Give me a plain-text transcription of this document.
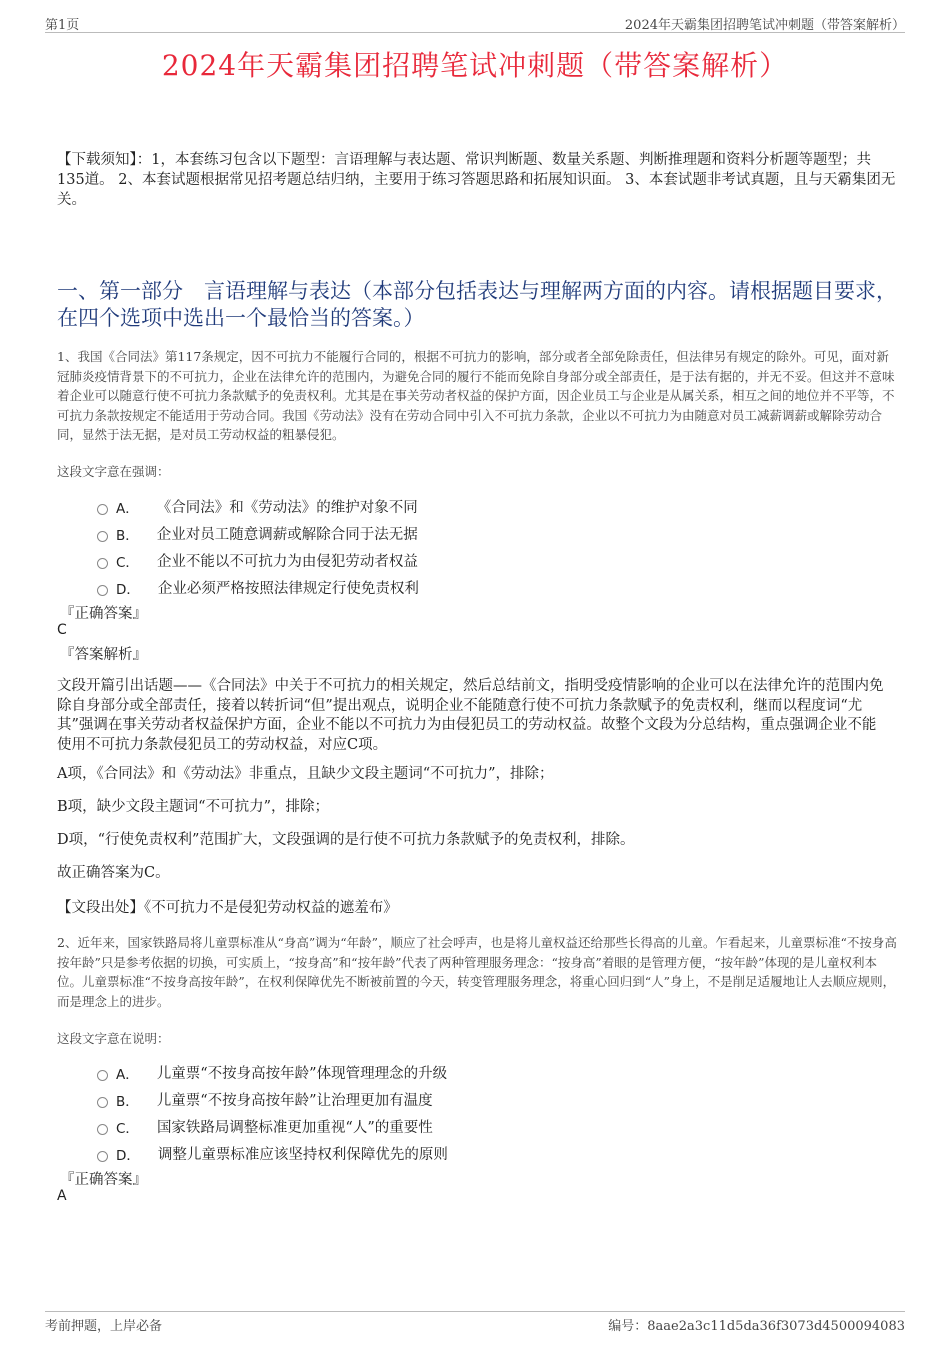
第1页	2024年天霸集团招聘笔试冲刺题（带答案解析）
2024年天霸集团招聘笔试冲刺题（带答案解析）
【下载须知】：1，本套练习包含以下题型：言语理解与表达题、常识判断题、数量关系题、判断推理题和资料分析题等题型；共135道。 2、本套试题根据常见招考题总结归纳，主要用于练习答题思路和拓展知识面。 3、本套试题非考试真题，且与天霸集团无关。
一、第一部分　言语理解与表达（本部分包括表达与理解两方面的内容。请根据题目要求，在四个选项中选出一个最恰当的答案。）
1、我国《合同法》第117条规定，因不可抗力不能履行合同的，根据不可抗力的影响，部分或者全部免除责任，但法律另有规定的除外。可见，面对新冠肺炎疫情背景下的不可抗力，企业在法律允许的范围内，为避免合同的履行不能而免除自身部分或全部责任，是于法有据的，并无不妥。但这并不意味着企业可以随意行使不可抗力条款赋予的免责权利。尤其是在事关劳动者权益的保护方面，因企业员工与企业是从属关系，相互之间的地位并不平等，不可抗力条款按规定不能适用于劳动合同。我国《劳动法》没有在劳动合同中引入不可抗力条款，企业以不可抗力为由随意对员工减薪调薪或解除劳动合同，显然于法无据，是对员工劳动权益的粗暴侵犯。
这段文字意在强调：
A． 《合同法》和《劳动法》的维护对象不同
B． 企业对员工随意调薪或解除合同于法无据
C． 企业不能以不可抗力为由侵犯劳动者权益
D． 企业必须严格按照法律规定行使免责权利
『正确答案』
C
『答案解析』
文段开篇引出话题——《合同法》中关于不可抗力的相关规定，然后总结前文，指明受疫情影响的企业可以在法律允许的范围内免除自身部分或全部责任，接着以转折词“但”提出观点，说明企业不能随意行使不可抗力条款赋予的免责权利，继而以程度词“尤其”强调在事关劳动者权益保护方面，企业不能以不可抗力为由侵犯员工的劳动权益。故整个文段为分总结构，重点强调企业不能使用不可抗力条款侵犯员工的劳动权益，对应C项。
A项，《合同法》和《劳动法》非重点，且缺少文段主题词“不可抗力”，排除；
B项，缺少文段主题词“不可抗力”，排除；
D项，“行使免责权利”范围扩大，文段强调的是行使不可抗力条款赋予的免责权利，排除。
故正确答案为C。
【文段出处】《不可抗力不是侵犯劳动权益的遮羞布》
2、近年来，国家铁路局将儿童票标准从“身高”调为“年龄”，顺应了社会呼声，也是将儿童权益还给那些长得高的儿童。乍看起来，儿童票标准“不按身高按年龄”只是参考依据的切换，可实质上，“按身高”和“按年龄”代表了两种管理服务理念：“按身高”着眼的是管理方便，“按年龄”体现的是儿童权利本位。儿童票标准“不按身高按年龄”，在权利保障优先不断被前置的今天，转变管理服务理念，将重心回归到“人”身上，不是削足适履地让人去顺应规则，而是理念上的进步。
这段文字意在说明：
A． 儿童票“不按身高按年龄”体现管理理念的升级
B． 儿童票“不按身高按年龄”让治理更加有温度
C． 国家铁路局调整标准更加重视“人”的重要性
D． 调整儿童票标准应该坚持权利保障优先的原则
『正确答案』
A
考前押题，上岸必备	编号：8aae2a3c11d5da36f3073d4500094083
